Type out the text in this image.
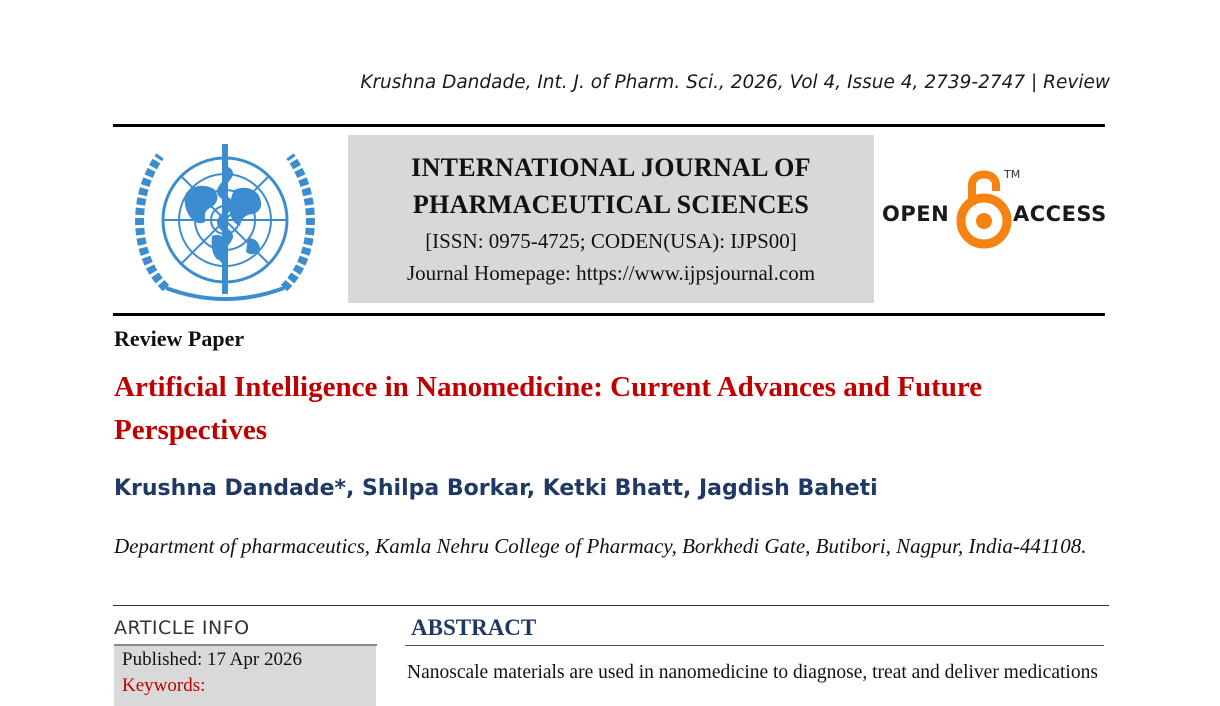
Krushna Dandade, Int. J. of Pharm. Sci., 2026, Vol 4, Issue 4, 2739-2747 | Review
INTERNATIONAL JOURNAL OF
PHARMACEUTICAL SCIENCES
[ISSN: 0975-4725; CODEN(USA): IJPS00]
Journal Homepage: https://www.ijpsjournal.com
OPEN
TM
ACCESS
Review Paper
Artificial Intelligence in Nanomedicine: Current Advances and Future Perspectives
Krushna Dandade*, Shilpa Borkar, Ketki Bhatt, Jagdish Baheti
Department of pharmaceutics, Kamla Nehru College of Pharmacy, Borkhedi Gate, Butibori, Nagpur, India-441108.
ARTICLE INFO
Published: 17 Apr 2026
Keywords:
ABSTRACT
Nanoscale materials are used in nanomedicine to diagnose, treat and deliver medications
